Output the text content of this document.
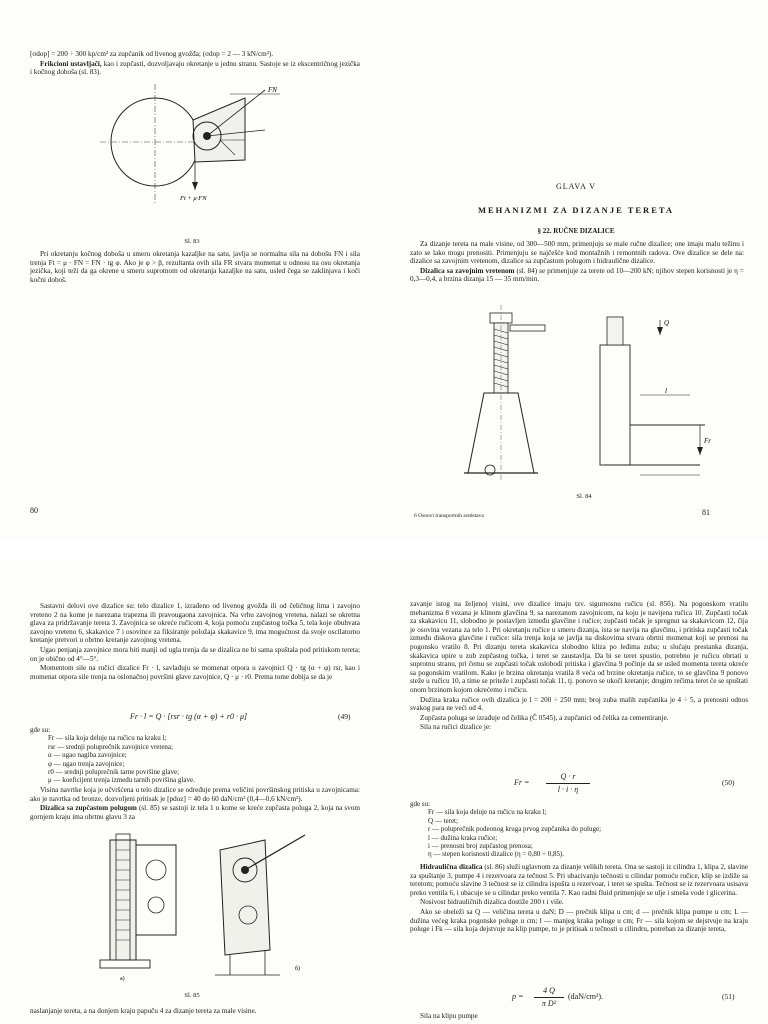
[σdop] = 200 ÷ 300 kp/cm² za zupčanik od livenog gvožđa; (σdop = 2 — 3 kN/cm²).

Frikcioni ustavljači, kao i zupčasti, dozvoljavaju okretanje u jednu stranu. Sastoje se iz ekscentričnog jezička i kočnog doboša (sl. 83).

FN
Ft + μ·FN
Sl. 83

Pri okretanju kočnog doboša u smeru okretanja kazaljke na satu, javlja se normalna sila na dobošu FN i sila trenja Ft = μ · FN = FN · tg φ. Ako je φ > β, rezultanta ovih sila FR stvara momenat u odnosu na osu okretanja jezička, koji teži da ga okrene u smeru suprotnom od okretanja kazaljke na satu, usled čega se zaklinjava i koči kočni doboš.

80
GLAVA V
MEHANIZMI ZA DIZANJE TERETA
§ 22. RUČNE DIZALICE

Za dizanje tereta na male visine, od 300—500 mm, primenjuju se male ručne dizalice; one imaju malu težinu i zato se lako mogu prenositi. Primenjuju se najčešće kod montažnih i remontnih radova. Ove dizalice se dele na: dizalice sa zavojnim vretenom, dizalice sa zupčastom polugom i hidraulične dizalice.

Dizalica sa zavojnim vretenom (sl. 84) se primenjuje za terete od 10—200 kN; njihov stepen korisnosti je η = 0,3—0,4, a brzina dizanja 15 — 35 mm/min.

Q
l
Fr
Sl. 84
6 Osnovi transportnih sredstava	81

Sastavni delovi ove dizalice su: telo dizalice 1, izrađeno od livenog gvožđa ili od čeličnog lima i zavojno vreteno 2 na kome je narezana trapezna ili pravougaona zavojnica. Na vrhu zavojnog vretena, nalazi se okretna glava za pridržavanje tereta 3. Zavojnica se okreće ručicom 4, koja pomoću zupčastog točka 5, tela koje obuhvata zavojno vreteno 6, skakavice 7 i osovince za fiksiranje položaja skakavice 9, ima mogućnost da svoje oscilatorno kretanje pretvori u obrtno kretanje zavojnog vretena.

Ugao penjanja zavojnice mora biti manji od ugla trenja da se dizalica ne bi sama spuštala pod pritiskom tereta; on je obično od 4°—5°.

Momentom sile na ručici dizalice Fr · l, savlađuju se momenat otpora u zavojnici Q · tg (α + φ) rsr, kao i momenat otpora sile trenja na oslonačnoj površini glave zavojnice, Q · μ · r0. Prema tome dobija se da je

Fr · l = Q · [rsr · tg (α + φ) + r0 · μ]	(49)
gde su:
Fr — sila koja deluje na ručicu na kraku l;
rsr — srednji poluprečnik zavojnice vretena;
α — ugao nagiba zavojnice;
φ — ugao trenja zavojnice;
r0 — srednji poluprečnik tarne površine glave;
μ — koeficijent trenja između tarnih površina glave.

Visina navrtke koja je učvršćena u telo dizalice se određuje prema veličini površinskog pritiska u zavojnicama: ako je navrtka od bronze, dozvoljeni pritisak je [pdoz] = 40 do 60 daN/cm² (0,4—0,6 kN/cm²).

Dizalica sa zupčastom polugom (sl. 85) se sastoji iz tela 1 u kome se kreće zupčasta poluga 2, koja na svom gornjem kraju ima obrtnu glavu 3 za

a)
б)
Sl. 85

naslanjanje tereta, a na donjem kraju papuču 4 za dizanje tereta za male visine.

zavanje istog na željenoj visini, ove dizalice imaju tzv. sigurnosnu ručicu (sl. 85б). Na pogonskom vratilu mehanizma 8 vezana je klinom glavčina 9, sa narezanom zavojnicom, na koju je navijena ručica 10. Zupčasti točak za skakavicu 11, slobodno je postavljen između glavčine i ručice; zupčasti točak je spregnut sa skakavicom 12, čija je osovina vezana za telo 1. Pri okretanju ručice u smeru dizanja, ista se naviјa na glavčinu, i pritiska zupčasti točak između diskova glavčine i ručice: sila trenja koja se javlja na diskovima stvara obrtni momenat koji se prenosi na pogonsko vratilo 8. Pri dizanju tereta skakavica slobodno klizа po leđima zuba; u slučaju prestanka dizanja, skakavica upire u zub zupčastog točka, i teret se zaustavlja. Da bi se teret spustio, potrebno je ručicu obrtati u suprotnu stranu, pri čemu se zupčasti točak oslobodi pritiska i glavčina 9 počinje da se usled momenta tereta okreće sa pogonskim vratilom. Kako je brzina okretanja vratila 8 veća od brzine okretanja ručice, to se glavčina 9 ponovo steže u ručicu 10, a time se priteže i zupčasti točak 11, tj. ponovo se ukoči kretanje; drugim rečima teret će se spuštati onom brzinom kojom okrećemo i ručicu.

Dužina kraka ručice ovih dizalica je l = 200 ÷ 250 mm; broj zuba malih zupčanika je 4 ÷ 5, a prenosni odnos svakog para ne veći od 4.

Zupčasta poluga se izrađuje od čelika (Č 0545), a zupčanici od čelika za cementiranje.

Sila na ručici dizalice je:

Fr =
Q · r
l · i · η
(50)
gde su:
Fr — sila koja deluje na ručicu na kraku l;
Q — teret;
r — poluprečnik podeonog kruga prvog zupčanika do poluge;
l — dužina kraka ručice;
i — prenosni broj zupčastog prenosa;
η — stepen korisnosti dizalice (η = 0,80 ÷ 0,85).

Hidraulična dizalica (sl. 86) služi uglavnom za dizanje velikih tereta. Ona se sastoji iz cilindra 1, klipa 2, slavine za spuštanje 3, pumpe 4 i rezervoara za tečnost 5. Pri ubacivanju tečnosti u cilindar pomoću ručice, klip se izdiže sa teretom; pomoću slavine 3 tečnost se iz cilindra ispušta u rezervoar, i teret se spušta. Tečnost se iz rezervoara usisava preko ventila 6, i ubacuje se u cilindar preko ventila 7. Kao radni fluid primenjuje se ulje i smeša vode i glicerina.

Nosivost hidrauličnih dizalica dostiže 200 t i više.

Ako se obeleži sa Q — veličina tereta u daN; D — prečnik klipa u cm; d — prečnik klipa pumpe u cm; L — dužina većeg kraka pogonske poluge u cm; l — manjeg kraka poluge u cm; Fr — sila kojom se dejstvuje na kraju poluge i Fk — sila koja dejstvuje na klip pumpe, to je pritisak u tečnosti u cilindru, potreban za dizanje tereta,

p =
4 Q
π D²
(daN/cm²).	(51)

Sila na klipu pumpe
